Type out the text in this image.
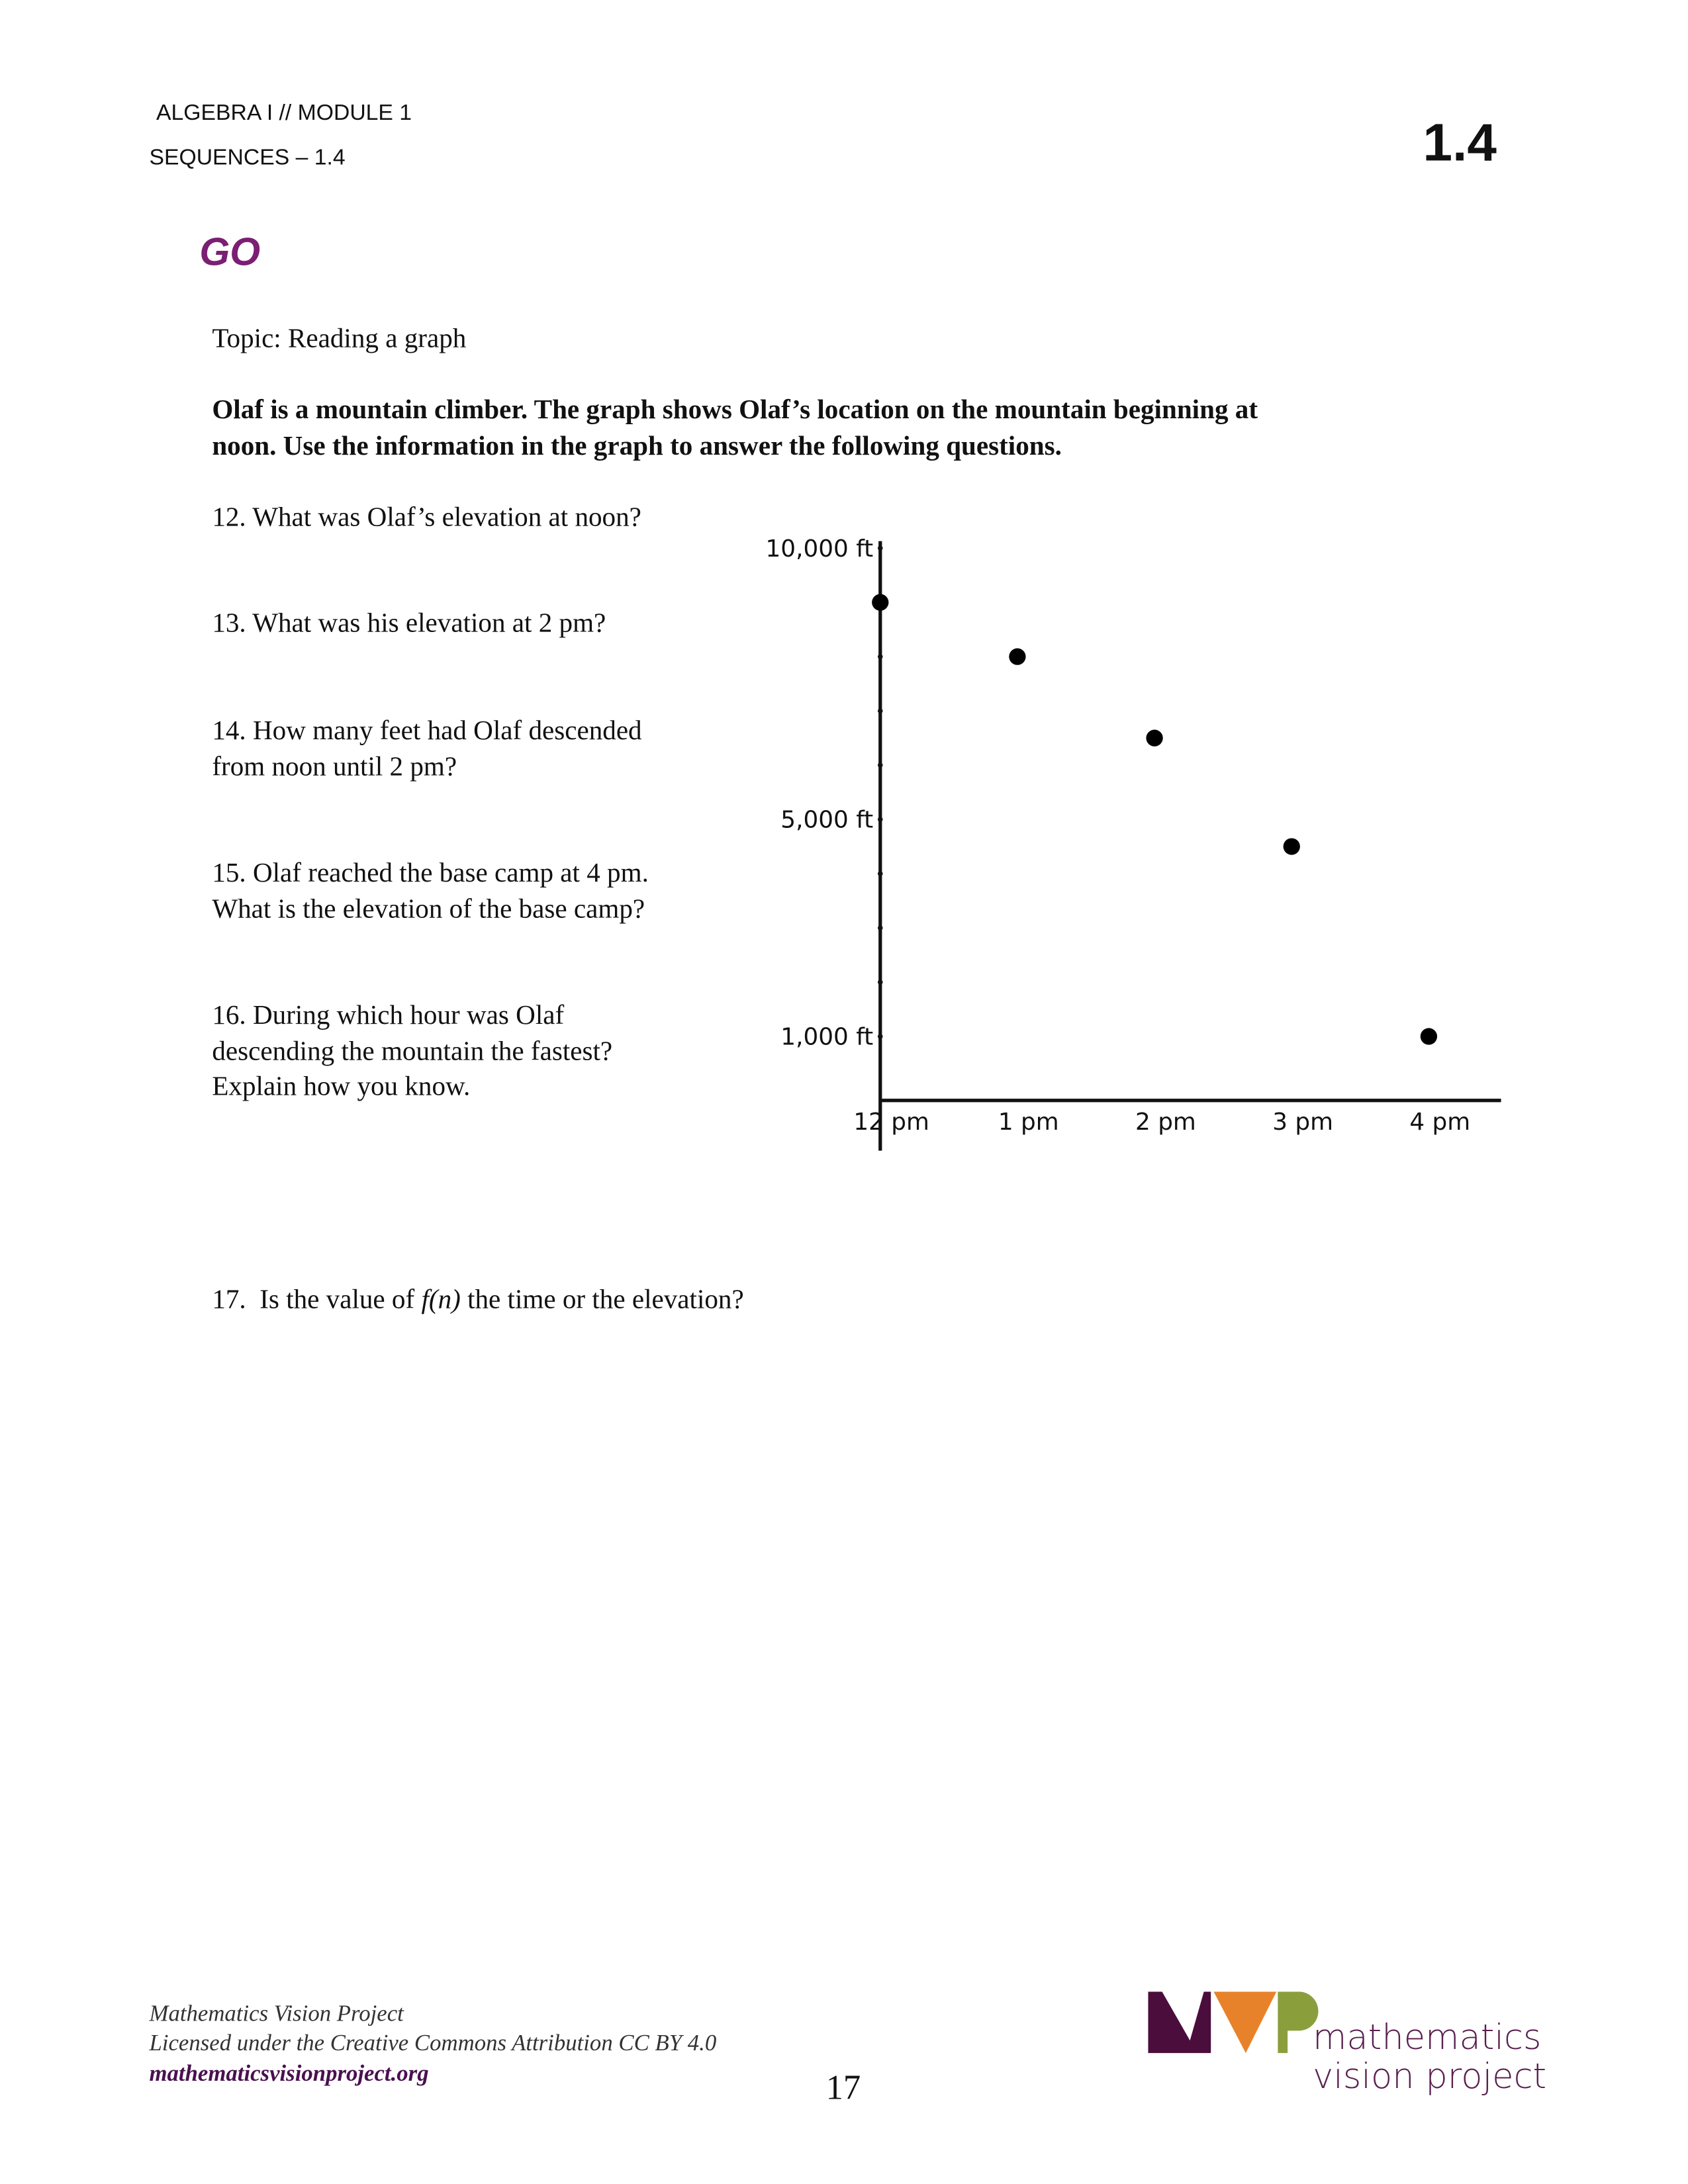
ALGEBRA I // MODULE 1
SEQUENCES – 1.4	1.4
GO
Topic: Reading a graph
Olaf is a mountain climber. The graph shows Olaf’s location on the mountain beginning at
noon. Use the information in the graph to answer the following questions.
12. What was Olaf’s elevation at noon?
13. What was his elevation at 2 pm?
14. How many feet had Olaf descended
from noon until 2 pm?
15. Olaf reached the base camp at 4 pm.
What is the elevation of the base camp?
16. During which hour was Olaf
descending the mountain the fastest?
Explain how you know.
17.  Is the value of f(n) the time or the elevation?
10,000 ft
5,000 ft
1,000 ft
12 pm	1 pm	2 pm	3 pm	4 pm
Mathematics Vision Project
Licensed under the Creative Commons Attribution CC BY 4.0
mathematicsvisionproject.org	17
mathematics
vision project
